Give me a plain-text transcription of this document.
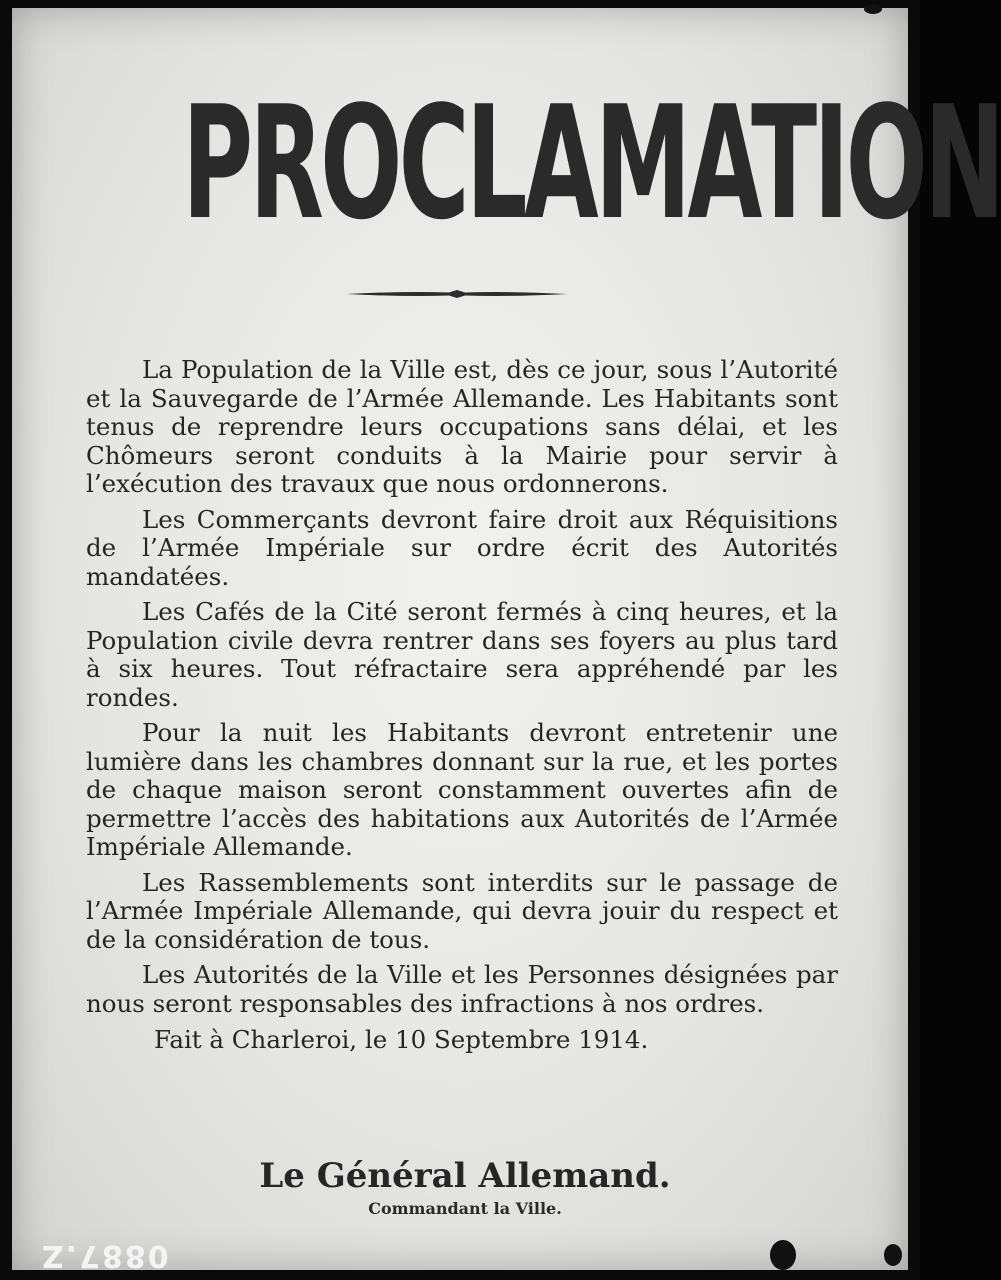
PROCLAMATION

La Population de la Ville est, dès ce jour, sous l’Autorité et la Sauvegarde de l’Armée Allemande. Les Habitants sont tenus de reprendre leurs occupations sans délai, et les Chômeurs seront conduits à la Mairie pour servir à l’exécution des travaux que nous ordonnerons.

Les Commerçants devront faire droit aux Réquisitions de l’Armée Impériale sur ordre écrit des Autorités mandatées.

Les Cafés de la Cité seront fermés à cinq heures, et la Population civile devra rentrer dans ses foyers au plus tard à six heures. Tout réfractaire sera appréhendé par les rondes.

Pour la nuit les Habitants devront entretenir une lumière dans les chambres donnant sur la rue, et les portes de chaque maison seront constamment ouvertes afin de permettre l’accès des habitations aux Autorités de l’Armée Impériale Allemande.

Les Rassemblements sont interdits sur le passage de l’Armée Impériale Allemande, qui devra jouir du respect et de la considération de tous.

Les Autorités de la Ville et les Personnes désignées par nous seront responsables des infractions à nos ordres.

Fait à Charleroi, le 10 Septembre 1914.

Le Général Allemand.
Commandant la Ville.
0887.Z
